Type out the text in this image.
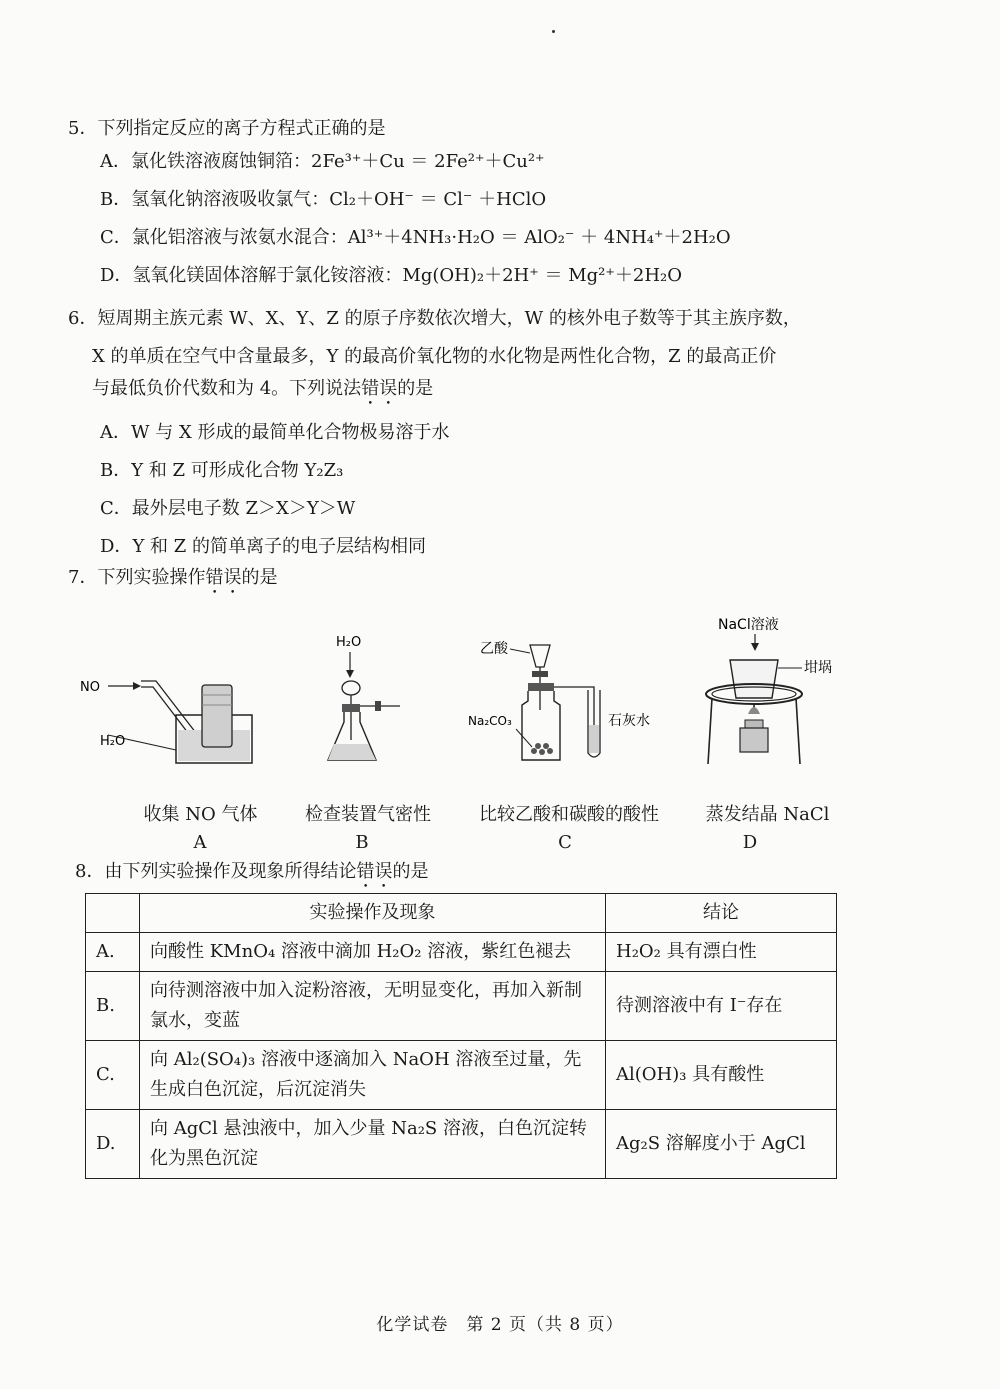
5．下列指定反应的离子方程式正确的是
A．氯化铁溶液腐蚀铜箔：2Fe³⁺＋Cu ＝ 2Fe²⁺＋Cu²⁺
B．氢氧化钠溶液吸收氯气：Cl₂＋OH⁻ ＝ Cl⁻ ＋HClO
C．氯化铝溶液与浓氨水混合：Al³⁺＋4NH₃·H₂O ＝ AlO₂⁻ ＋ 4NH₄⁺＋2H₂O
D．氢氧化镁固体溶解于氯化铵溶液：Mg(OH)₂＋2H⁺ ＝ Mg²⁺＋2H₂O
6．短周期主族元素 W、X、Y、Z 的原子序数依次增大，W 的核外电子数等于其主族序数，
X 的单质在空气中含量最多，Y 的最高价氧化物的水化物是两性化合物，Z 的最高正价
与最低负价代数和为 4。下列说法错误的是
A．W 与 X 形成的最简单化合物极易溶于水
B．Y 和 Z 可形成化合物 Y₂Z₃
C．最外层电子数 Z＞X＞Y＞W
D．Y 和 Z 的简单离子的电子层结构相同
7．下列实验操作错误的是
NO
H₂O
H₂O	乙酸
Na₂CO₃	石灰水
NaCl溶液
坩埚
收集 NO 气体
A
检查装置气密性
B
比较乙酸和碳酸的酸性
C
蒸发结晶 NaCl
D
8．由下列实验操作及现象所得结论错误的是
	实验操作及现象	结论
A.	向酸性 KMnO₄ 溶液中滴加 H₂O₂ 溶液，紫红色褪去	H₂O₂ 具有漂白性
B.	向待测溶液中加入淀粉溶液，无明显变化，再加入新制氯水，变蓝	待测溶液中有 I⁻存在
C.	向 Al₂(SO₄)₃ 溶液中逐滴加入 NaOH 溶液至过量，先生成白色沉淀，后沉淀消失	Al(OH)₃ 具有酸性
D.	向 AgCl 悬浊液中，加入少量 Na₂S 溶液，白色沉淀转化为黑色沉淀	Ag₂S 溶解度小于 AgCl
化学试卷　第 2 页（共 8 页）
